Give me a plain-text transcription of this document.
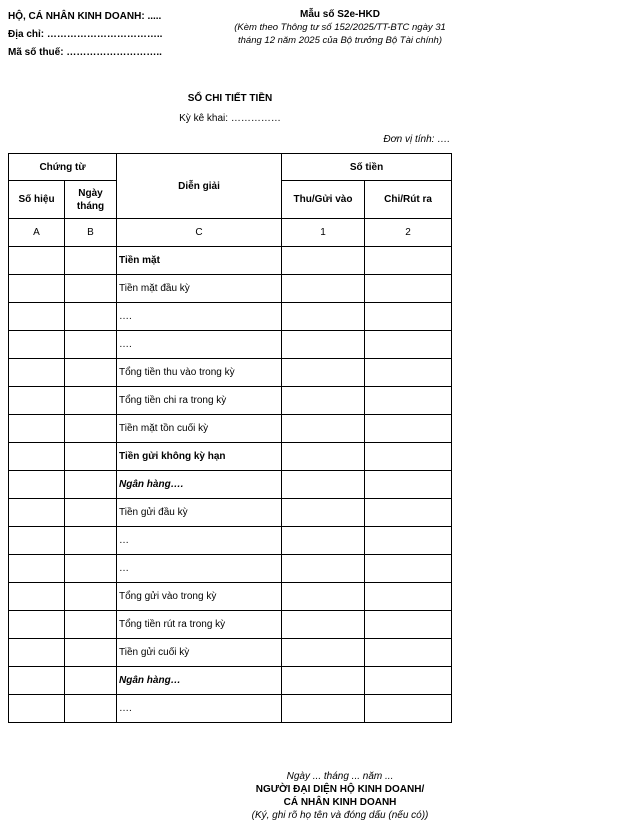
HỘ, CÁ NHÂN KINH DOANH: .....
Địa chỉ: ……………………………..
Mã số thuế: ………………………..
Mẫu số S2e-HKD
(Kèm theo Thông tư số 152/2025/TT-BTC ngày 31
tháng 12 năm 2025 của Bộ trưởng Bộ Tài chính)
SỔ CHI TIẾT TIỀN
Kỳ kê khai: ……………
Đơn vị tính: ….
Chứng từ		Diễn giải	Số tiền	
Số hiệu	Ngày tháng		Thu/Gửi vào	Chi/Rút ra
A	B	C	1	2
		Tiền mặt		
		Tiền mặt đầu kỳ		
		….		
		….		
		Tổng tiền thu vào trong kỳ		
		Tổng tiền chi ra trong kỳ		
		Tiền mặt tồn cuối kỳ		
		Tiền gửi không kỳ hạn		
		Ngân hàng….		
		Tiền gửi đầu kỳ		
		…		
		…		
		Tổng gửi vào trong kỳ		
		Tổng tiền rút ra trong kỳ		
		Tiền gửi cuối kỳ		
		Ngân hàng…		
		….		
Ngày ... tháng ... năm ...
NGƯỜI ĐẠI DIỆN HỘ KINH DOANH/
CÁ NHÂN KINH DOANH
(Ký, ghi rõ họ tên và đóng dấu (nếu có))
